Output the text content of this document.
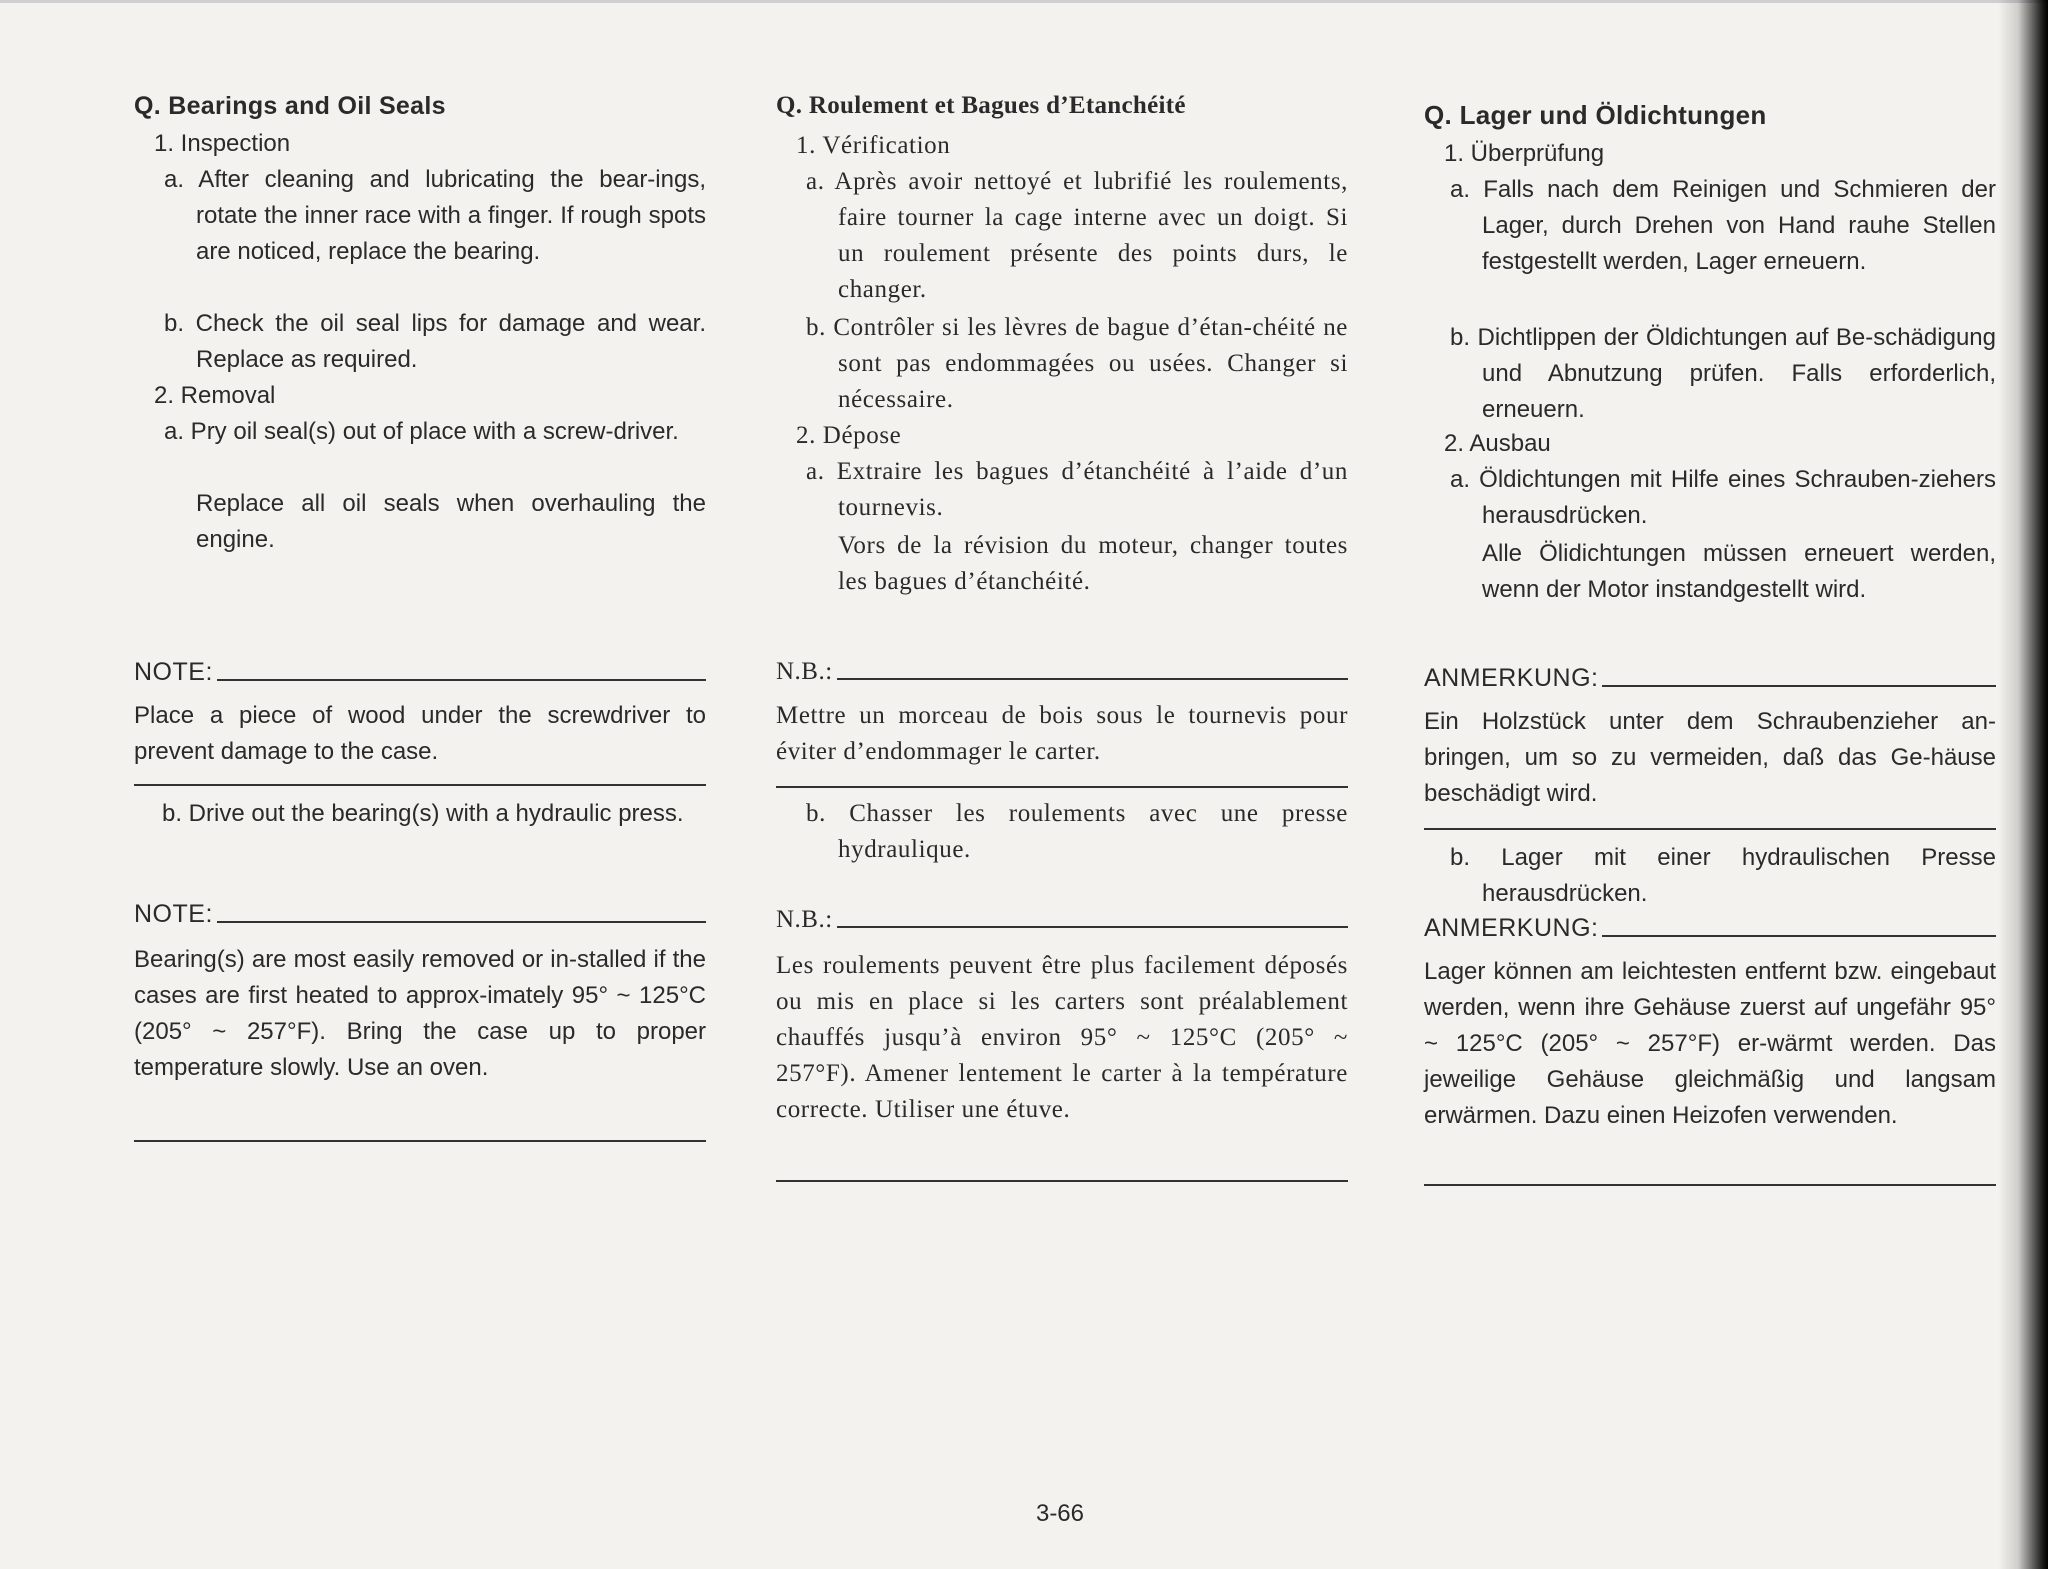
Q. Bearings and Oil Seals
1. Inspection
a. After cleaning and lubricating the bear-ings, rotate the inner race with a finger. If rough spots are noticed, replace the bearing.
b. Check the oil seal lips for damage and wear. Replace as required.
2. Removal
a. Pry oil seal(s) out of place with a screw-driver.
Replace all oil seals when overhauling the engine.
NOTE:
Place a piece of wood under the screwdriver to prevent damage to the case.
b. Drive out the bearing(s) with a hydraulic press.
NOTE:
Bearing(s) are most easily removed or in-stalled if the cases are first heated to approx-imately 95° ~ 125°C (205° ~ 257°F). Bring the case up to proper temperature slowly. Use an oven.
Q. Roulement et Bagues d’Etanchéité
1. Vérification
a. Après avoir nettoyé et lubrifié les roulements, faire tourner la cage interne avec un doigt. Si un roulement présente des points durs, le changer.
b. Contrôler si les lèvres de bague d’étan-chéité ne sont pas endommagées ou usées. Changer si nécessaire.
2. Dépose
a. Extraire les bagues d’étanchéité à l’aide d’un tournevis.
Vors de la révision du moteur, changer toutes les bagues d’étanchéité.
N.B.:
Mettre un morceau de bois sous le tournevis pour éviter d’endommager le carter.
b. Chasser les roulements avec une presse hydraulique.
N.B.:
Les roulements peuvent être plus facilement déposés ou mis en place si les carters sont préalablement chauffés jusqu’à environ 95° ~ 125°C (205° ~ 257°F). Amener lentement le carter à la température correcte. Utiliser une étuve.
Q. Lager und Öldichtungen
1. Überprüfung
a. Falls nach dem Reinigen und Schmieren der Lager, durch Drehen von Hand rauhe Stellen festgestellt werden, Lager erneuern.
b. Dichtlippen der Öldichtungen auf Be-schädigung und Abnutzung prüfen. Falls erforderlich, erneuern.
2. Ausbau
a. Öldichtungen mit Hilfe eines Schrauben-ziehers herausdrücken.
Alle Ölidichtungen müssen erneuert werden, wenn der Motor instandgestellt wird.
ANMERKUNG:
Ein Holzstück unter dem Schraubenzieher an-bringen, um so zu vermeiden, daß das Ge-häuse beschädigt wird.
b. Lager mit einer hydraulischen Presse herausdrücken.
ANMERKUNG:
Lager können am leichtesten entfernt bzw. eingebaut werden, wenn ihre Gehäuse zuerst auf ungefähr 95° ~ 125°C (205° ~ 257°F) er-wärmt werden. Das jeweilige Gehäuse gleichmäßig und langsam erwärmen. Dazu einen Heizofen verwenden.
3-66
